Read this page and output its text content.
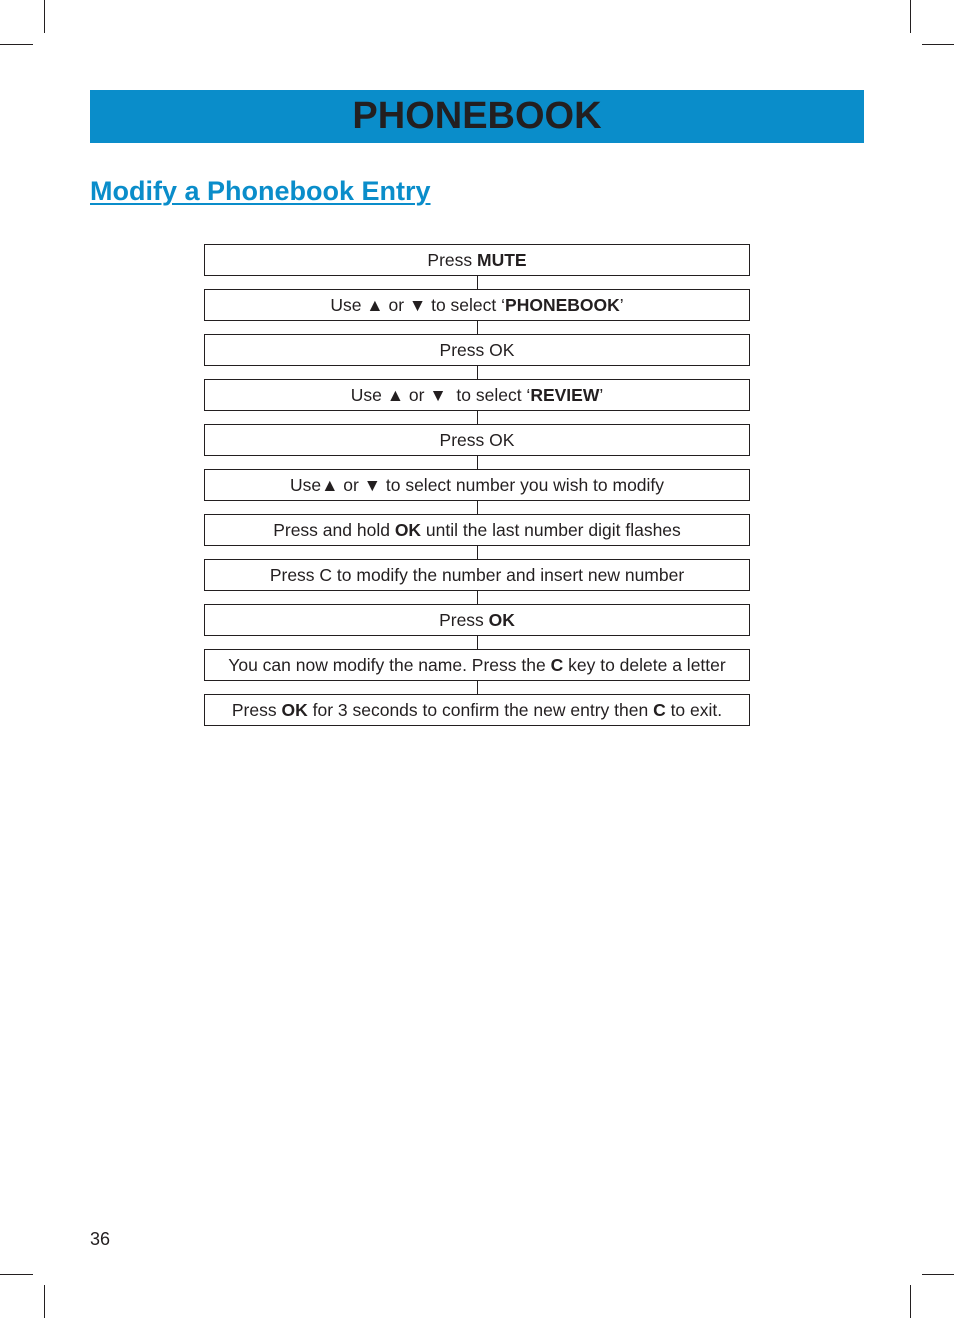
PHONEBOOK
Modify a Phonebook Entry
Press MUTE
Use ▲ or ▼ to select ‘ PHONEBOOK ’
Press OK
Use ▲ or ▼  to select ‘ REVIEW ’
Press OK
Use▲ or ▼ to select number you wish to modify
Press and hold OK until the last number digit flashes
Press C to modify the number and insert new number
Press OK
You can now modify the name. Press the C key to delete a letter
Press OK for 3 seconds to confirm the new entry then C to exit.
36
